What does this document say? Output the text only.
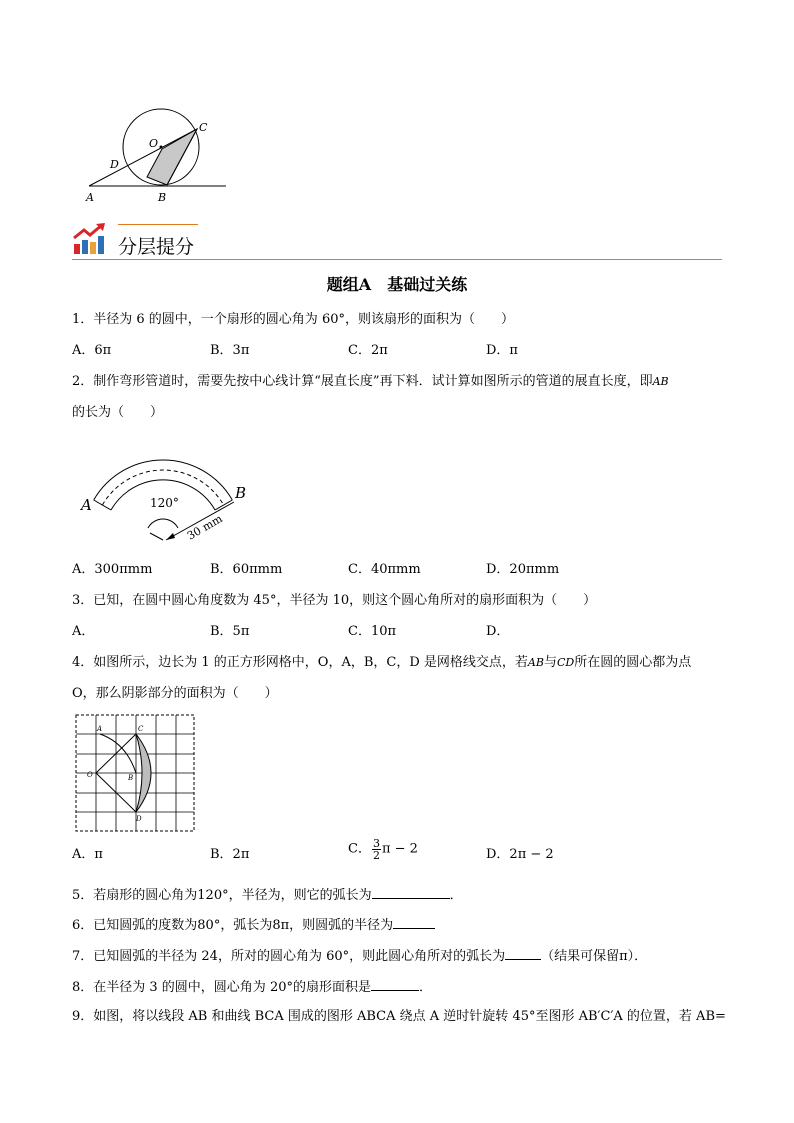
O
C
D
A	B
分层提分
题组A　基础过关练
1．半径为 6 的圆中，一个扇形的圆心角为 60°，则该扇形的面积为（　　）
A．6π	B．3π	C．2π	D．π
2．制作弯形管道时，需要先按中心线计算“展直长度”再下料．试计算如图所示的管道的展直长度，即AB
的长为（　　）
120°
30 mm
A
B
A．300πmm	B．60πmm	C．40πmm	D．20πmm
3．已知，在圆中圆心角度数为 45°，半径为 10，则这个圆心角所对的扇形面积为（　　）
A．	B．5π	C．10π	D．
4．如图所示，边长为 1 的正方形网格中，O，A，B，C，D 是网格线交点，若AB与CD所在圆的圆心都为点
O，那么阴影部分的面积为（　　）
A	C
O	B
D
A．π	B．2π	C． $\frac{3}{2}$ π − 2	D．2π − 2
5．若扇形的圆心角为120°，半径为，则它的弧长为	．
6．已知圆弧的度数为80°，弧长为8π，则圆弧的半径为
7．已知圆弧的半径为 24，所对的圆心角为 60°，则此圆心角所对的弧长为	（结果可保留π）．
8．在半径为 3 的圆中，圆心角为 20°的扇形面积是	．
9．如图，将以线段 AB 和曲线 BCA 围成的图形 ABCA 绕点 A 逆时针旋转 45°至图形 AB′C′A 的位置，若 AB=
